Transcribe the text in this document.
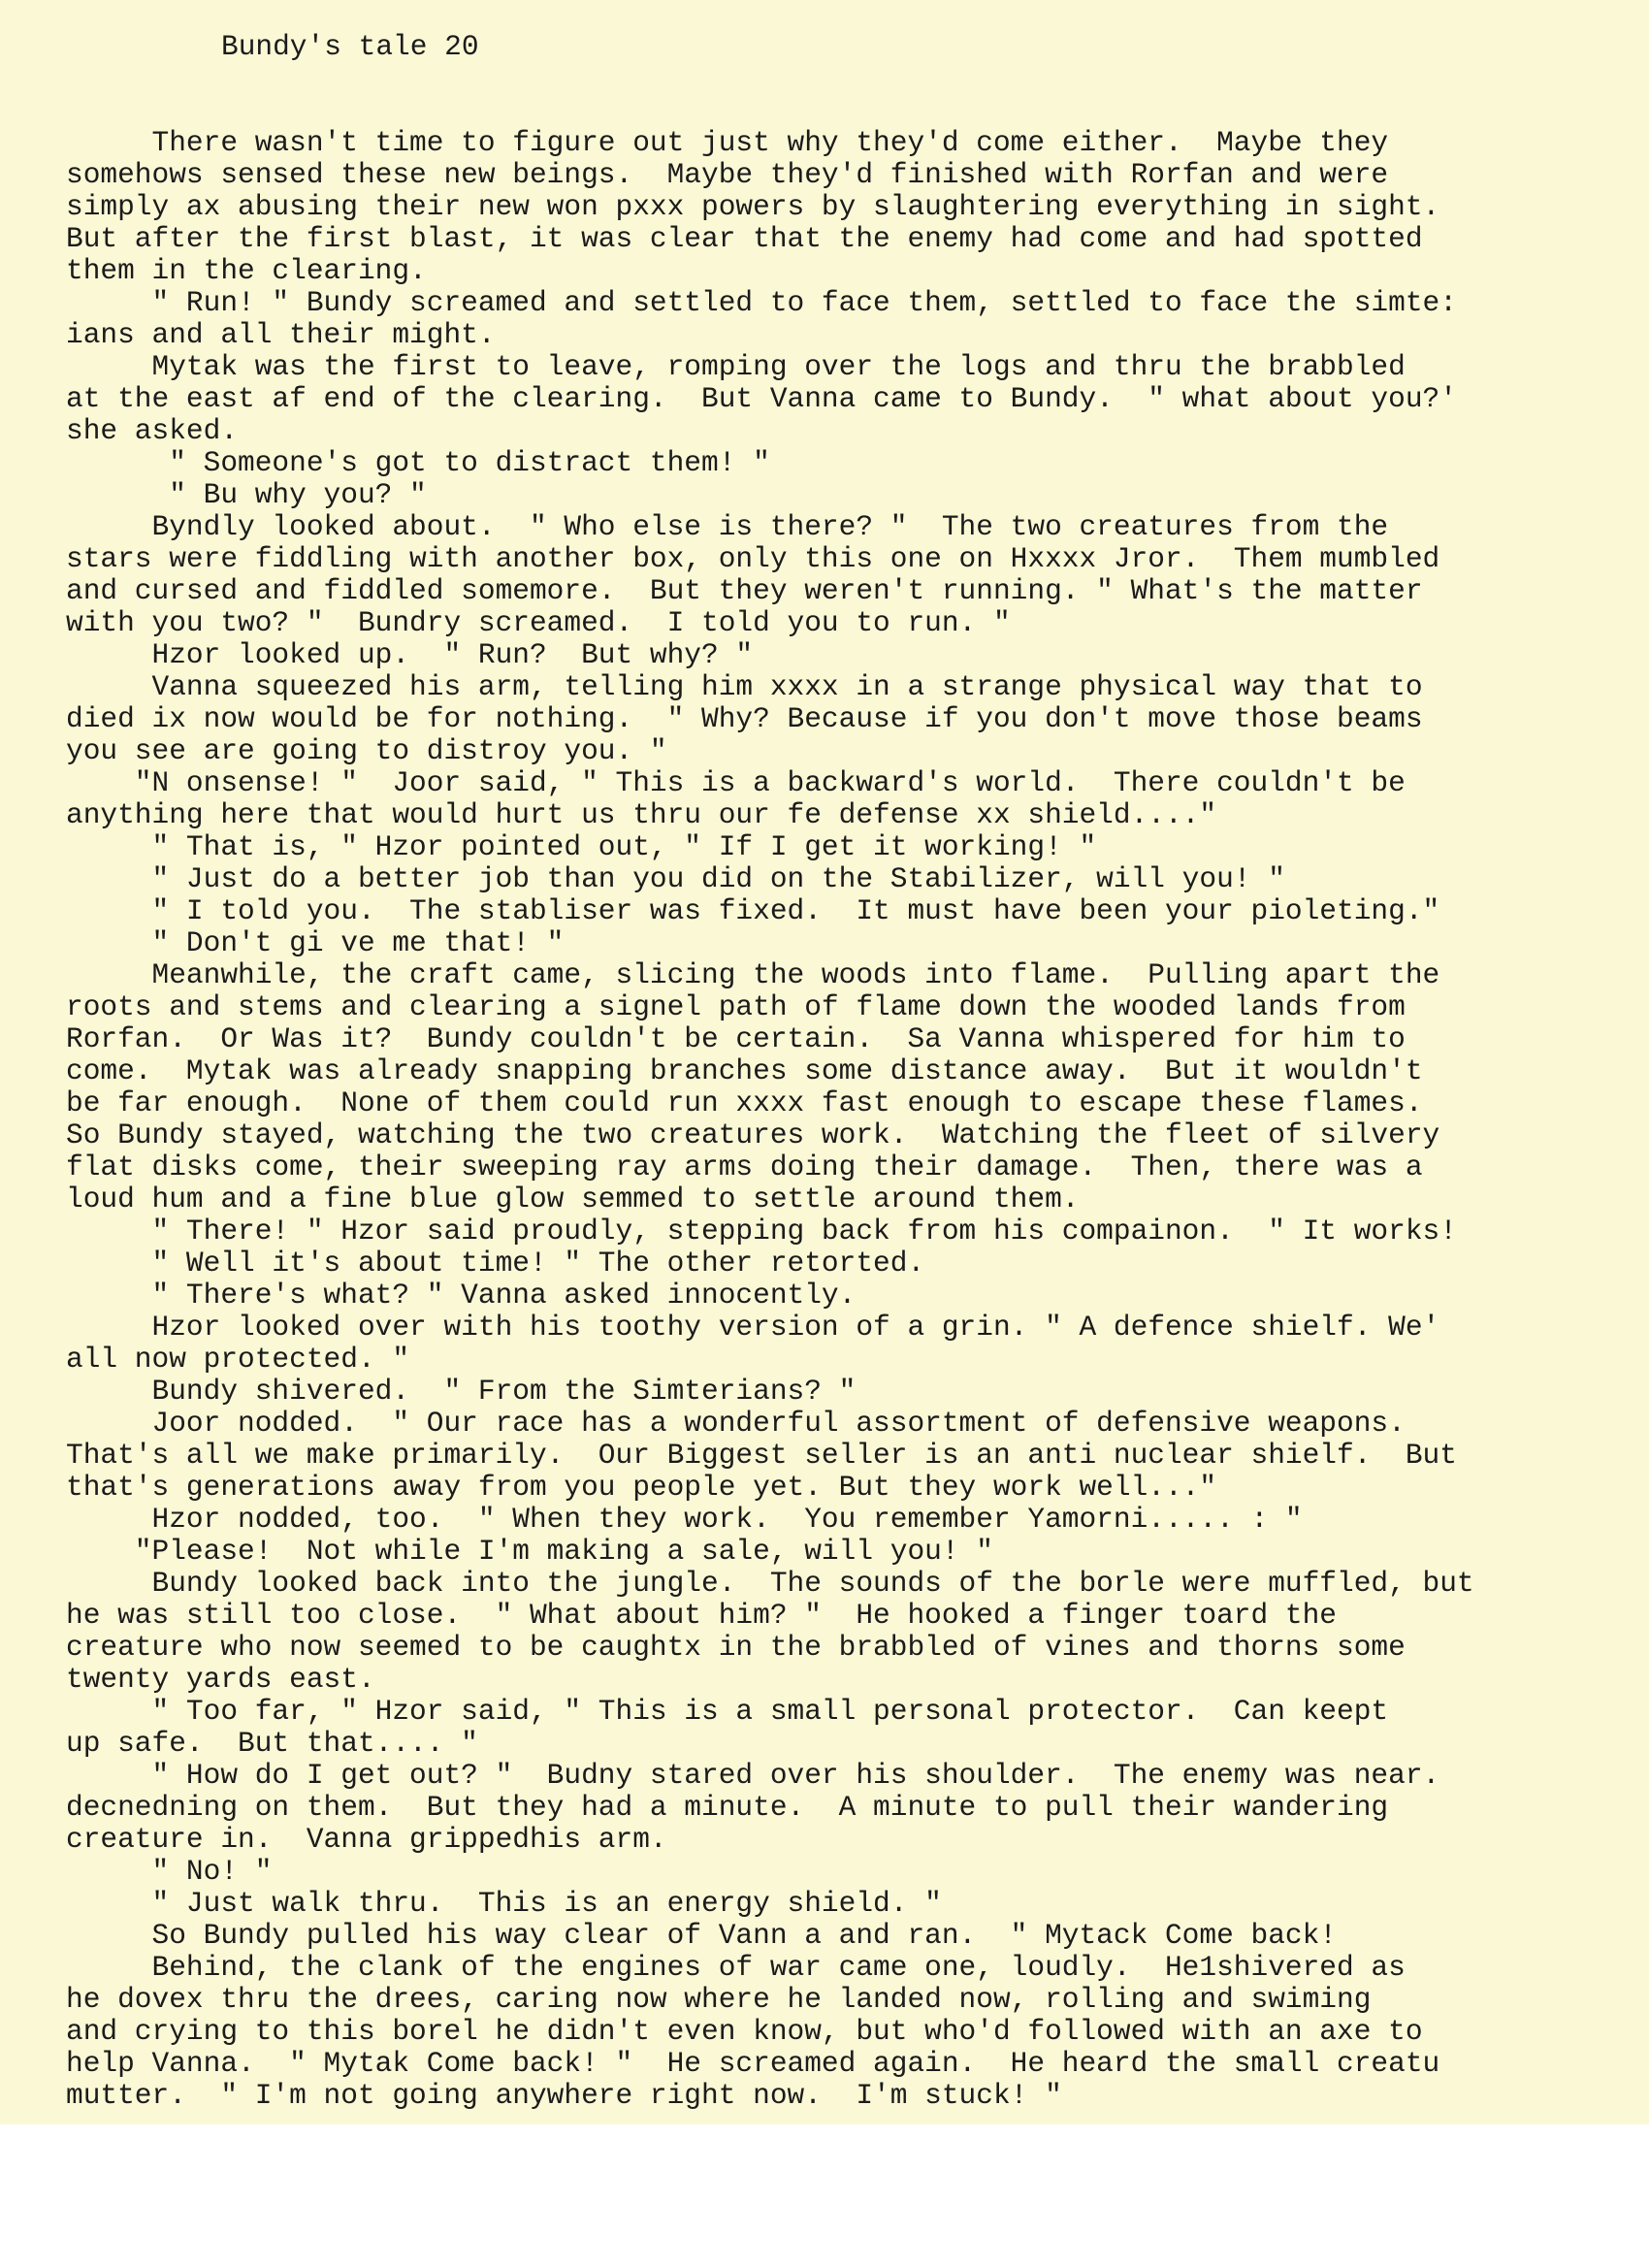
Bundy's tale 20
There wasn't time to figure out just why they'd come either.  Maybe they
somehows sensed these new beings.  Maybe they'd finished with Rorfan and were
simply ax abusing their new won pxxx powers by slaughtering everything in sight.
But after the first blast, it was clear that the enemy had come and had spotted
them in the clearing.
" Run! " Bundy screamed and settled to face them, settled to face the simte:
ians and all their might.
Mytak was the first to leave, romping over the logs and thru the brabbled
at the east af end of the clearing.  But Vanna came to Bundy.  " what about you?'
she asked.
" Someone's got to distract them! "
" Bu why you? "
Byndly looked about.  " Who else is there? "  The two creatures from the
stars were fiddling with another box, only this one on Hxxxx Jror.  Them mumbled
and cursed and fiddled somemore.  But they weren't running. " What's the matter
with you two? "  Bundry screamed.  I told you to run. "
Hzor looked up.  " Run?  But why? "
Vanna squeezed his arm, telling him xxxx in a strange physical way that to
died ix now would be for nothing.  " Why? Because if you don't move those beams
you see are going to distroy you. "
"N onsense! "  Joor said, " This is a backward's world.  There couldn't be
anything here that would hurt us thru our fe defense xx shield...."
" That is, " Hzor pointed out, " If I get it working! "
" Just do a better job than you did on the Stabilizer, will you! "
" I told you.  The stabliser was fixed.  It must have been your pioleting."
" Don't gi ve me that! "
Meanwhile, the craft came, slicing the woods into flame.  Pulling apart the
roots and stems and clearing a signel path of flame down the wooded lands from
Rorfan.  Or Was it?  Bundy couldn't be certain.  Sa Vanna whispered for him to
come.  Mytak was already snapping branches some distance away.  But it wouldn't
be far enough.  None of them could run xxxx fast enough to escape these flames.
So Bundy stayed, watching the two creatures work.  Watching the fleet of silvery
flat disks come, their sweeping ray arms doing their damage.  Then, there was a
loud hum and a fine blue glow semmed to settle around them.
" There! " Hzor said proudly, stepping back from his compainon.  " It works!
" Well it's about time! " The other retorted.
" There's what? " Vanna asked innocently.
Hzor looked over with his toothy version of a grin. " A defence shielf. We'
all now protected. "
Bundy shivered.  " From the Simterians? "
Joor nodded.  " Our race has a wonderful assortment of defensive weapons.
That's all we make primarily.  Our Biggest seller is an anti nuclear shielf.  But
that's generations away from you people yet. But they work well..."
Hzor nodded, too.  " When they work.  You remember Yamorni..... : "
"Please!  Not while I'm making a sale, will you! "
Bundy looked back into the jungle.  The sounds of the borle were muffled, but
he was still too close.  " What about him? "  He hooked a finger toard the
creature who now seemed to be caughtx in the brabbled of vines and thorns some
twenty yards east.
" Too far, " Hzor said, " This is a small personal protector.  Can keept
up safe.  But that.... "
" How do I get out? "  Budny stared over his shoulder.  The enemy was near.
decnedning on them.  But they had a minute.  A minute to pull their wandering
creature in.  Vanna grippedhis arm.
" No! "
" Just walk thru.  This is an energy shield. "
So Bundy pulled his way clear of Vann a and ran.  " Mytack Come back!
Behind, the clank of the engines of war came one, loudly.  He1shivered as
he dovex thru the drees, caring now where he landed now, rolling and swiming
and crying to this borel he didn't even know, but who'd followed with an axe to
help Vanna.  " Mytak Come back! "  He screamed again.  He heard the small creatu
mutter.  " I'm not going anywhere right now.  I'm stuck! "
